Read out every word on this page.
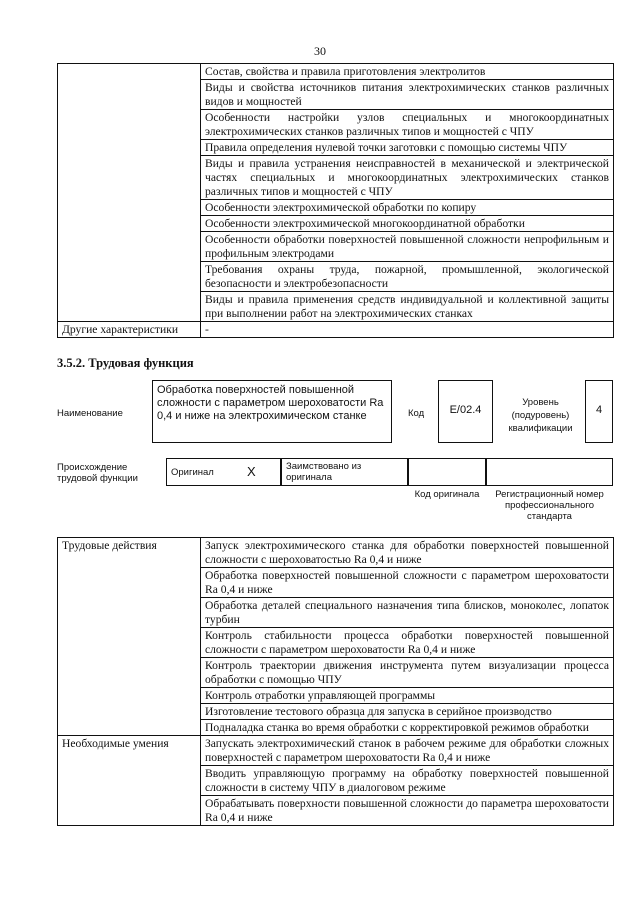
30
	Состав, свойства и правила приготовления электролитов
	Виды и свойства источников питания электрохимических станков различных видов и мощностей
	Особенности настройки узлов специальных и многокоординатных электрохимических станков различных типов и мощностей с ЧПУ
	Правила определения нулевой точки заготовки с помощью системы ЧПУ
	Виды и правила устранения неисправностей в механической и электрической частях специальных и многокоординатных электрохимических станков различных типов и мощностей с ЧПУ
	Особенности электрохимической обработки по копиру
	Особенности электрохимической многокоординатной обработки
	Особенности обработки поверхностей повышенной сложности непрофильным и профильным электродами
	Требования охраны труда, пожарной, промышленной, экологической безопасности и электробезопасности
	Виды и правила применения средств индивидуальной и коллективной защиты при выполнении работ на электрохимических станках
Другие характеристики	-
3.5.2. Трудовая функция
Наименование
Обработка поверхностей повышенной сложности с параметром шероховатости Ra 0,4 и ниже на электрохимическом станке	Код	E/02.4
Уровень (подуровень) квалификации
4
Происхождение трудовой функции
Оригинал	X	Заимствовано из оригинала
Код оригинала	Регистрационный номер профессионального стандарта
Трудовые действия	Запуск электрохимического станка для обработки поверхностей повышенной сложности с шероховатостью Ra 0,4 и ниже
	Обработка поверхностей повышенной сложности с параметром шероховатости Ra 0,4 и ниже
	Обработка деталей специального назначения типа блисков, моноколес, лопаток турбин
	Контроль стабильности процесса обработки поверхностей повышенной сложности с параметром шероховатости Ra 0,4 и ниже
	Контроль траектории движения инструмента путем визуализации процесса обработки с помощью ЧПУ
	Контроль отработки управляющей программы
	Изготовление тестового образца для запуска в серийное производство
	Подналадка станка во время обработки с корректировкой режимов обработки
Необходимые умения	Запускать электрохимический станок в рабочем режиме для обработки сложных поверхностей с параметром шероховатости Ra 0,4 и ниже
	Вводить управляющую программу на обработку поверхностей повышенной сложности в систему ЧПУ в диалоговом режиме
	Обрабатывать поверхности повышенной сложности до параметра шероховатости Ra 0,4 и ниже
